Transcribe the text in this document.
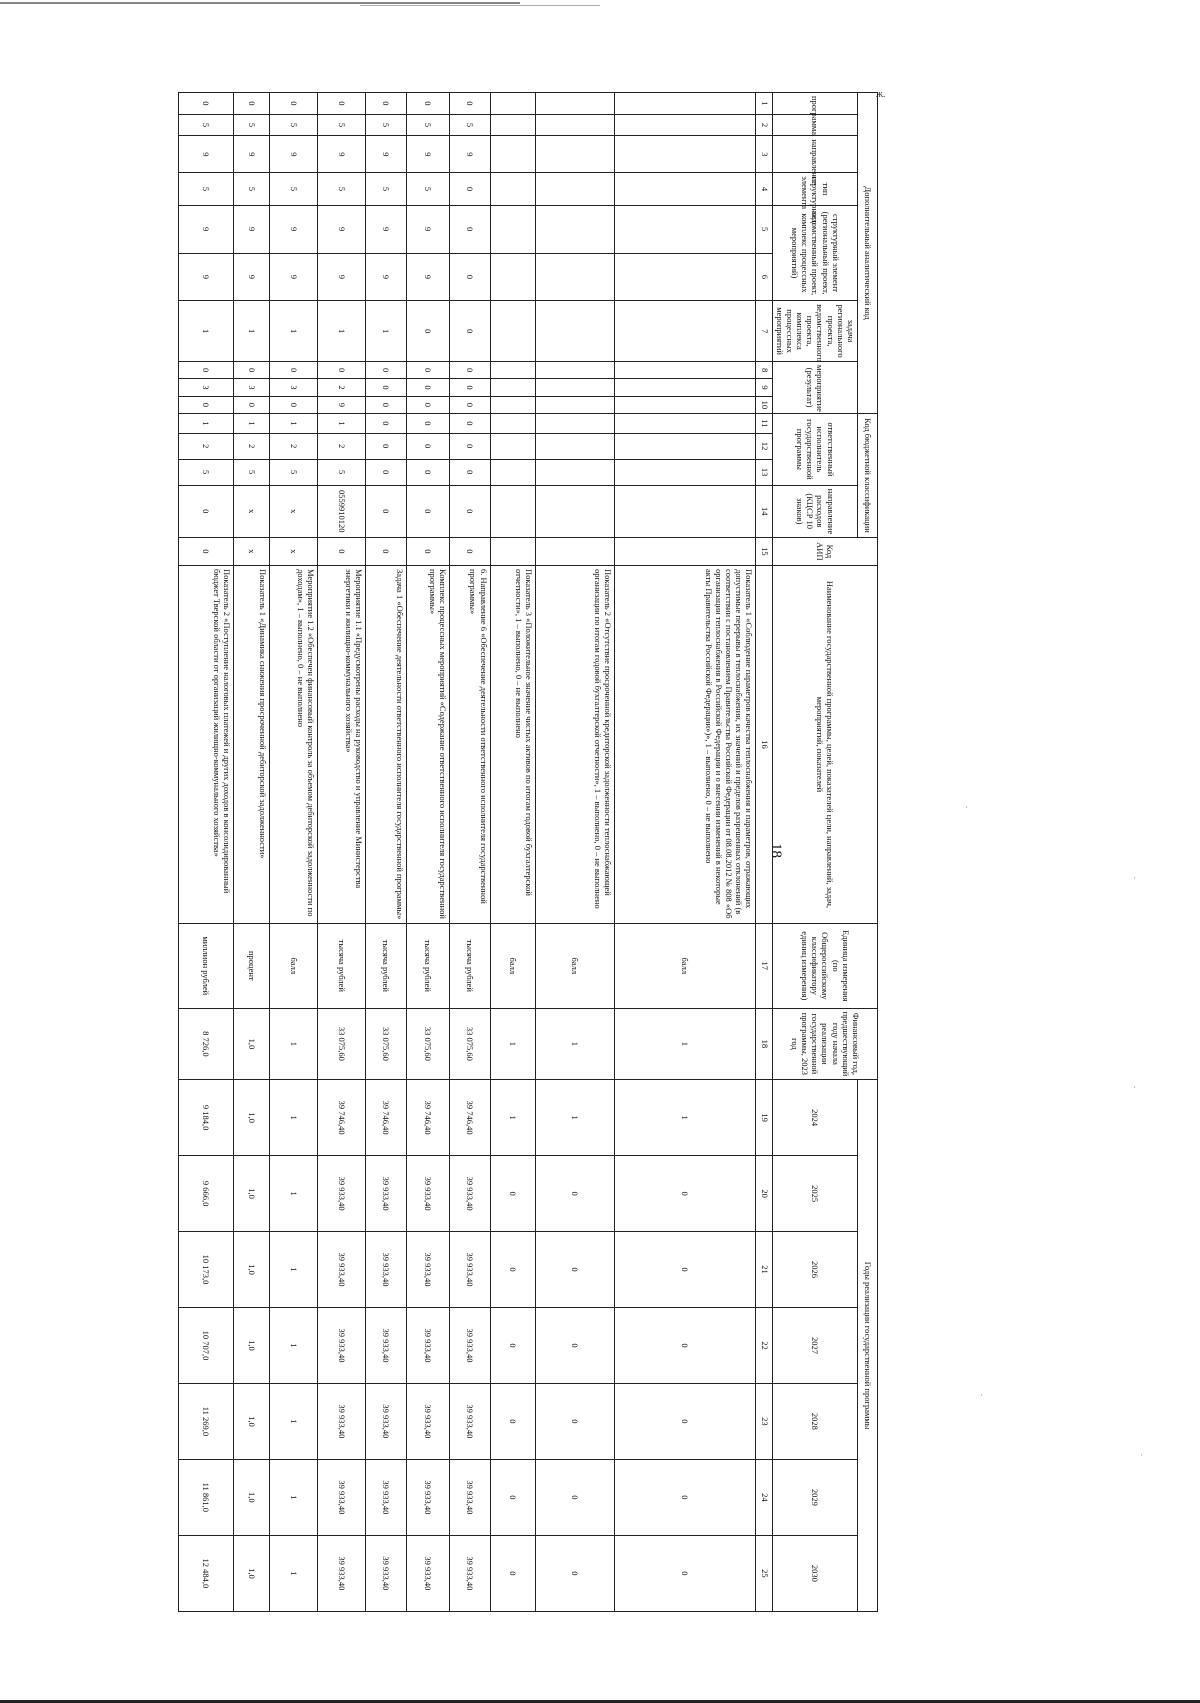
18
ж.
·
·
·
·
·
Дополнительный аналитический код										Код бюджетной классификации				Код АИП	Наименование государственной программы, целей, показателей цели, направлений, задач, мероприятий, показателей	Единица измерения (по Общероссийскому классификатору единиц измерения)	Финансовый год, предшествующий году начала реализации государственной программы, 2023 год	Годы реализации государственной программы						
программа		направление	тип структурного элемента	структурный элемент (региональный проект, ведомственный проект, комплекс процессных мероприятий)		задача регионального проекта, ведомственного проекта, комплекса процессных мероприятий	мероприятие (результат)			ответственный исполнитель государственной программы			направление расходов (КЦСР 10 знаков)					2024	2025	2026	2027	2028	2029	2030
1	2	3	4	5	6	7	8	9	10	11	12	13	14	15	16	17	18	19	20	21	22	23	24	25
															Показатель 1 «Соблюдение параметров качества теплоснабжения и параметров, отражающих допустимые перерывы в теплоснабжении, их значений и пределов разрешенных отклонений (в соответствии с постановлением Правительства Российской Федерации от 08.08.2012 № 808 «Об организации теплоснабжения в Российской Федерации и о внесении изменений в некоторые акты Правительства Российской Федерации»)», 1 – выполнено, 0 – не выполнено	балл	1	1	0	0	0	0	0	0
															Показатель 2 «Отсутствие просроченной кредиторской задолженности теплоснабжающей организации по итогам годовой бухгалтерской отчетности», 1 – выполнено, 0 – не выполнено	балл	1	1	0	0	0	0	0	0
															Показатель 3 «Положительное значение чистых активов по итогам годовой бухгалтерской отчетности», 1 – выполнено, 0 – не выполнено	балл	1	1	0	0	0	0	0	0
0	5	9	0	0	0	0	0	0	0	0	0	0	0	0	6. Направление 6 «Обеспечение деятельности ответственного исполнителя государственной программы»	тысяча рублей	33 075,60	39 746,40	39 933,40	39 933,40	39 933,40	39 933,40	39 933,40	39 933,40
0	5	9	5	9	9	0	0	0	0	0	0	0	0	0	Комплекс процессных мероприятий «Содержание ответственного исполнителя государственной программы»	тысяча рублей	33 075,60	39 746,40	39 933,40	39 933,40	39 933,40	39 933,40	39 933,40	39 933,40
0	5	9	5	9	9	1	0	0	0	0	0	0	0	0	Задача 1 «Обеспечение деятельности ответственного исполнителя государственной программы»	тысяча рублей	33 075,60	39 746,40	39 933,40	39 933,40	39 933,40	39 933,40	39 933,40	39 933,40
0	5	9	5	9	9	1	0	2	9	1	2	5	0559910120	0	Мероприятие 1.1 «Предусмотрены расходы на руководство и управление Министерства энергетики и жилищно-коммунального хозяйства»	тысяча рублей	33 075,60	39 746,40	39 933,40	39 933,40	39 933,40	39 933,40	39 933,40	39 933,40
0	5	9	5	9	9	1	0	3	0	1	2	5	х	х	Мероприятие 1.2 «Обеспечен финансовый контроль за объемом дебиторской задолженности по доходам», 1 – выполнено, 0 – не выполнено	балл	1	1	1	1	1	1	1	1
0	5	9	5	9	9	1	0	3	0	1	2	5	х	х	Показатель 1 «Динамика снижения просроченной дебиторской задолженности»	процент	1,0	1,0	1,0	1,0	1,0	1,0	1,0	1,0
0	5	9	5	9	9	1	0	3	0	1	2	5	0	0	Показатель 2 «Поступление налоговых платежей и других доходов в консолидированный бюджет Тверской области от организаций жилищно-коммунального хозяйства»	миллион рублей	8 726,0	9 184,0	9 666,0	10 173,0	10 707,0	11 269,0	11 861,0	12 484,0
